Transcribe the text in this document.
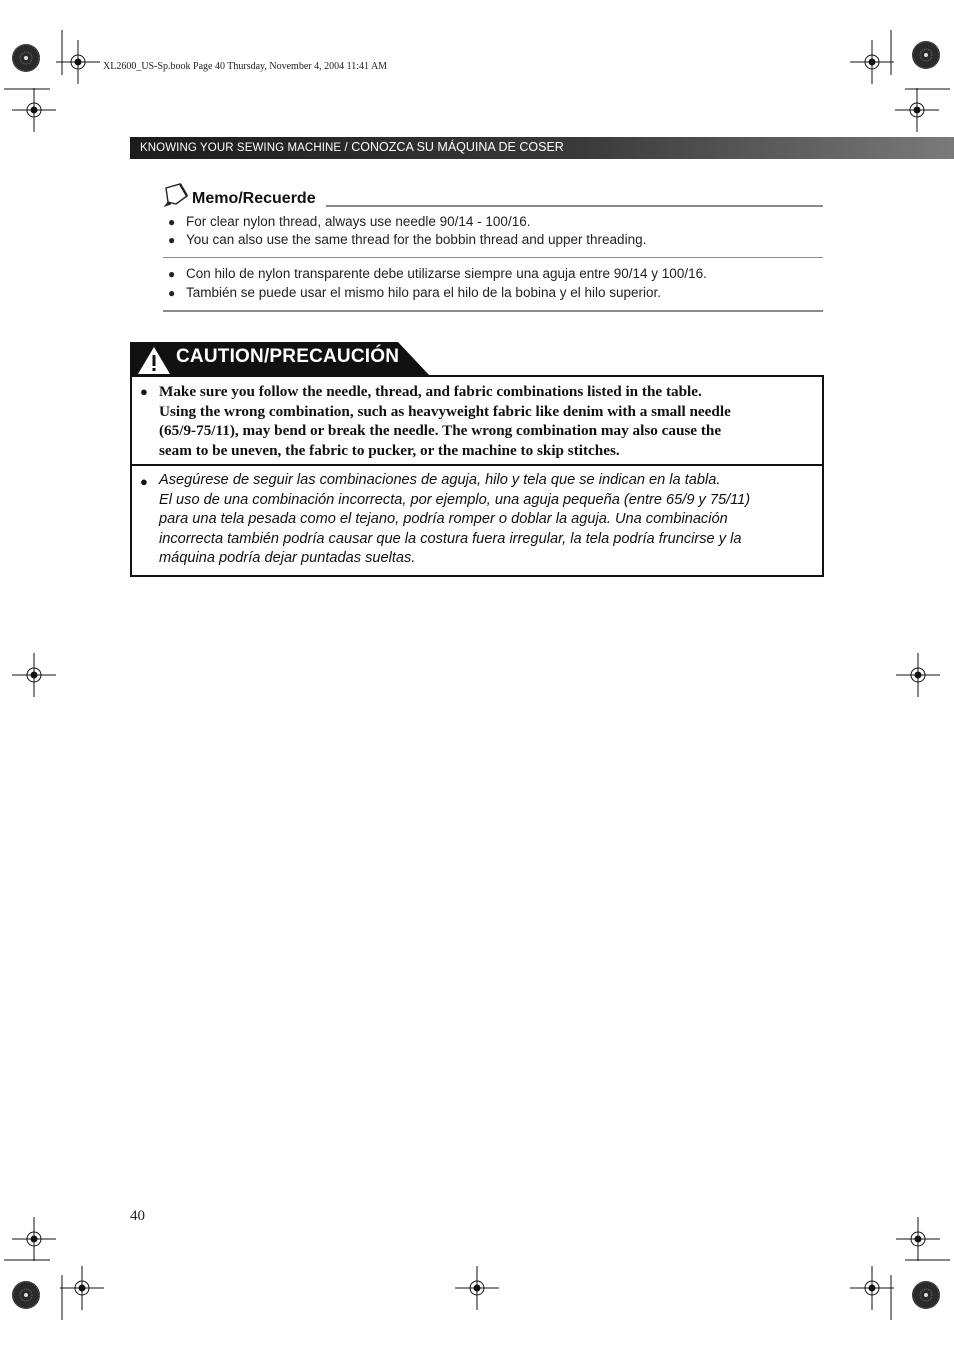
XL2600_US-Sp.book Page 40 Thursday, November 4, 2004 11:41 AM
KNOWING YOUR SEWING MACHINE / CONOZCA SU MÁQUINA DE COSER
Memo/Recuerde
● For clear nylon thread, always use needle 90/14 - 100/16.
● You can also use the same thread for the bobbin thread and upper threading.
● Con hilo de nylon transparente debe utilizarse siempre una aguja entre 90/14 y 100/16.
● También se puede usar el mismo hilo para el hilo de la bobina y el hilo superior.
CAUTION/PRECAUCIÓN
● Make sure you follow the needle, thread, and fabric combinations listed in the table.
Using the wrong combination, such as heavyweight fabric like denim with a small needle
(65/9-75/11), may bend or break the needle. The wrong combination may also cause the
seam to be uneven, the fabric to pucker, or the machine to skip stitches.
● Asegúrese de seguir las combinaciones de aguja, hilo y tela que se indican en la tabla.
El uso de una combinación incorrecta, por ejemplo, una aguja pequeña (entre 65/9 y 75/11)
para una tela pesada como el tejano, podría romper o doblar la aguja. Una combinación
incorrecta también podría causar que la costura fuera irregular, la tela podría fruncirse y la
máquina podría dejar puntadas sueltas.
40
